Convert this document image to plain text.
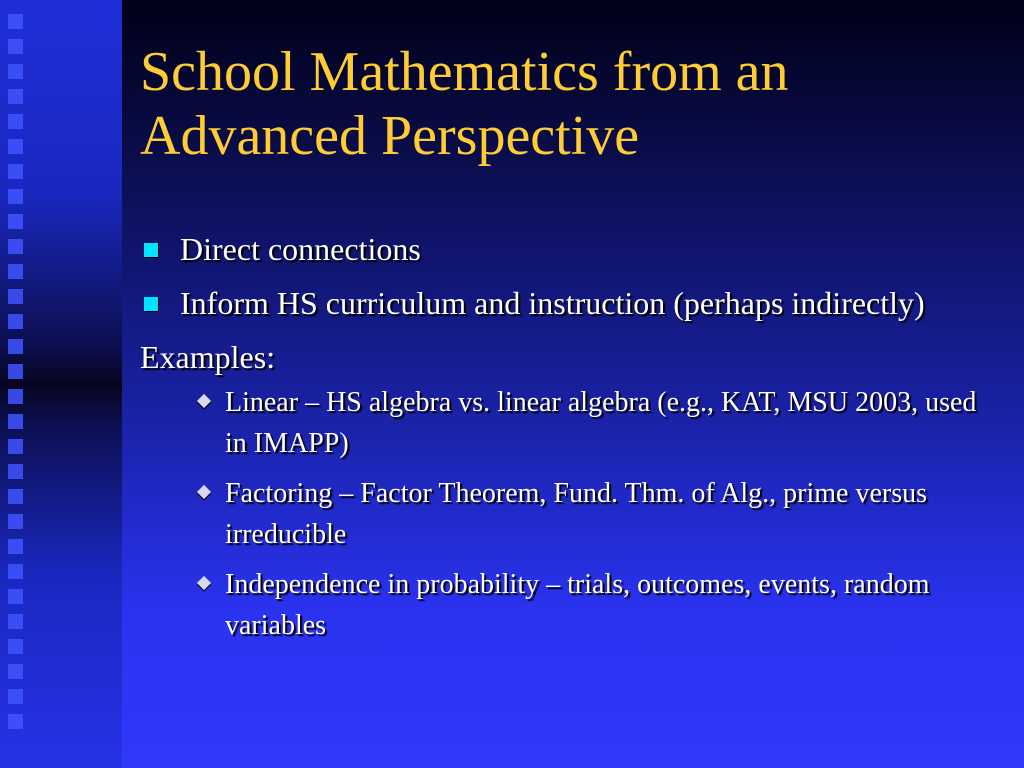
School Mathematics from an Advanced Perspective
Direct connections
Inform HS curriculum and instruction (perhaps indirectly)
Examples:
Linear – HS algebra vs. linear algebra (e.g., KAT, MSU 2003, used in IMAPP)
Factoring – Factor Theorem, Fund. Thm. of Alg., prime versus irreducible
Independence in probability – trials, outcomes, events, random variables
